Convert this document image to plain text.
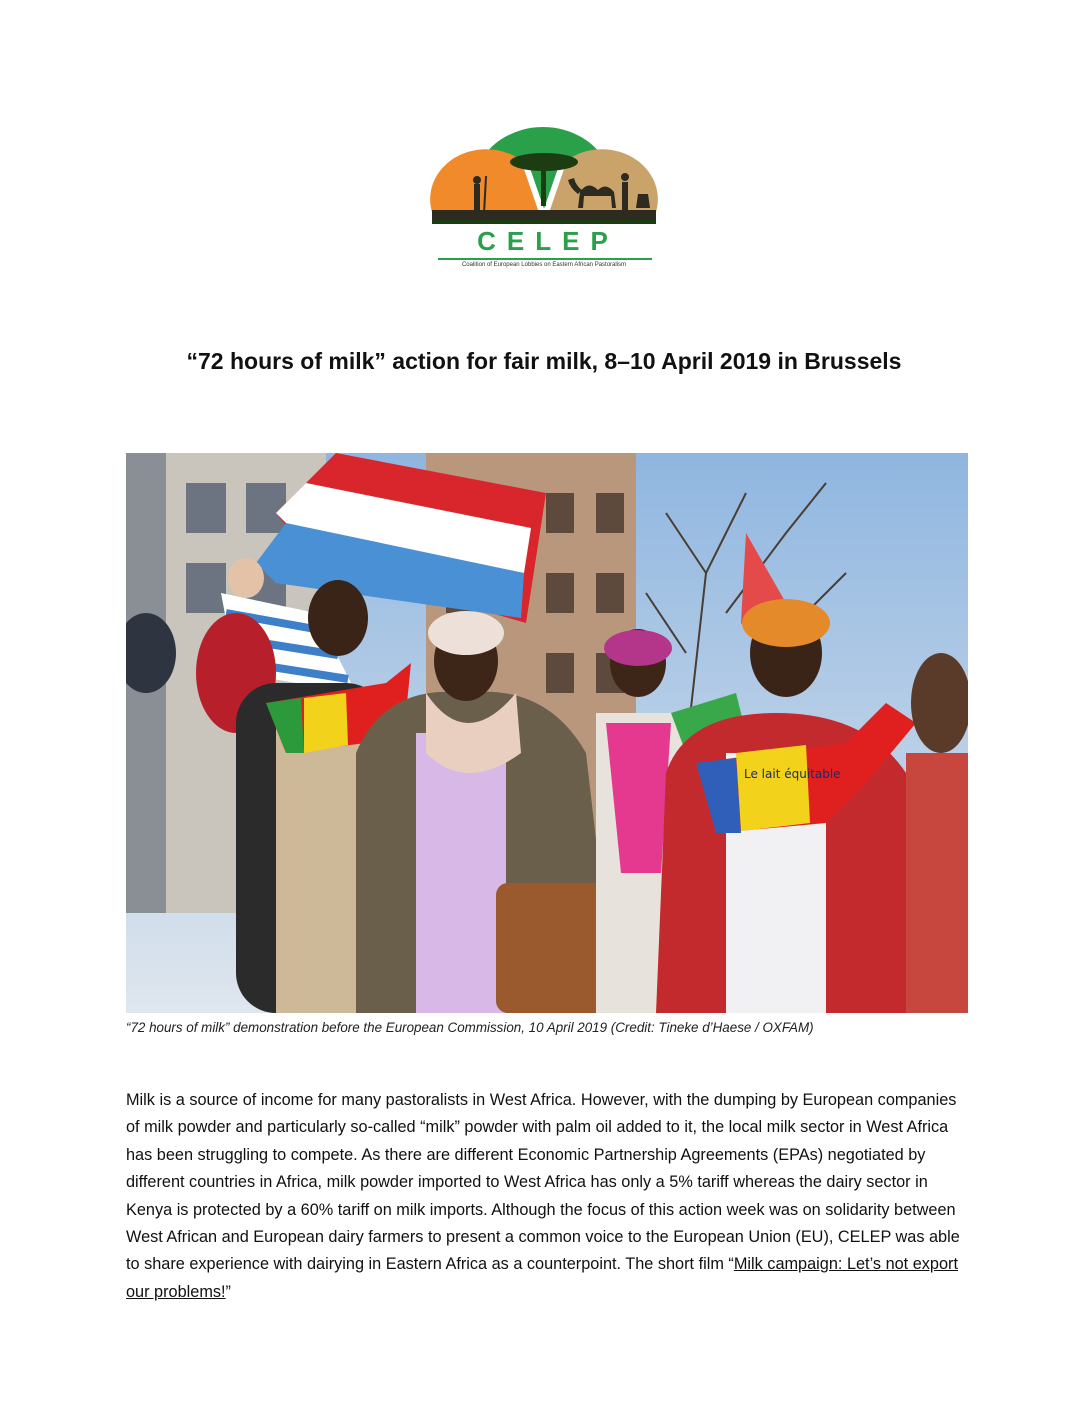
CELEP
Coalition of European Lobbies on Eastern African Pastoralism
“72 hours of milk” action for fair milk, 8–10 April 2019 in Brussels
Le lait équitable
“72 hours of milk” demonstration before the European Commission, 10 April 2019 (Credit: Tineke d’Haese / OXFAM)

Milk is a source of income for many pastoralists in West Africa. However, with the dumping by European companies of milk powder and particularly so-called “milk” powder with palm oil added to it, the local milk sector in West Africa has been struggling to compete. As there are different Economic Partnership Agreements (EPAs) negotiated by different countries in Africa, milk powder imported to West Africa has only a 5% tariff whereas the dairy sector in Kenya is protected by a 60% tariff on milk imports. Although the focus of this action week was on solidarity between West African and European dairy farmers to present a common voice to the European Union (EU), CELEP was able to share experience with dairying in Eastern Africa as a counterpoint. The short film “Milk campaign: Let’s not export our problems!”
